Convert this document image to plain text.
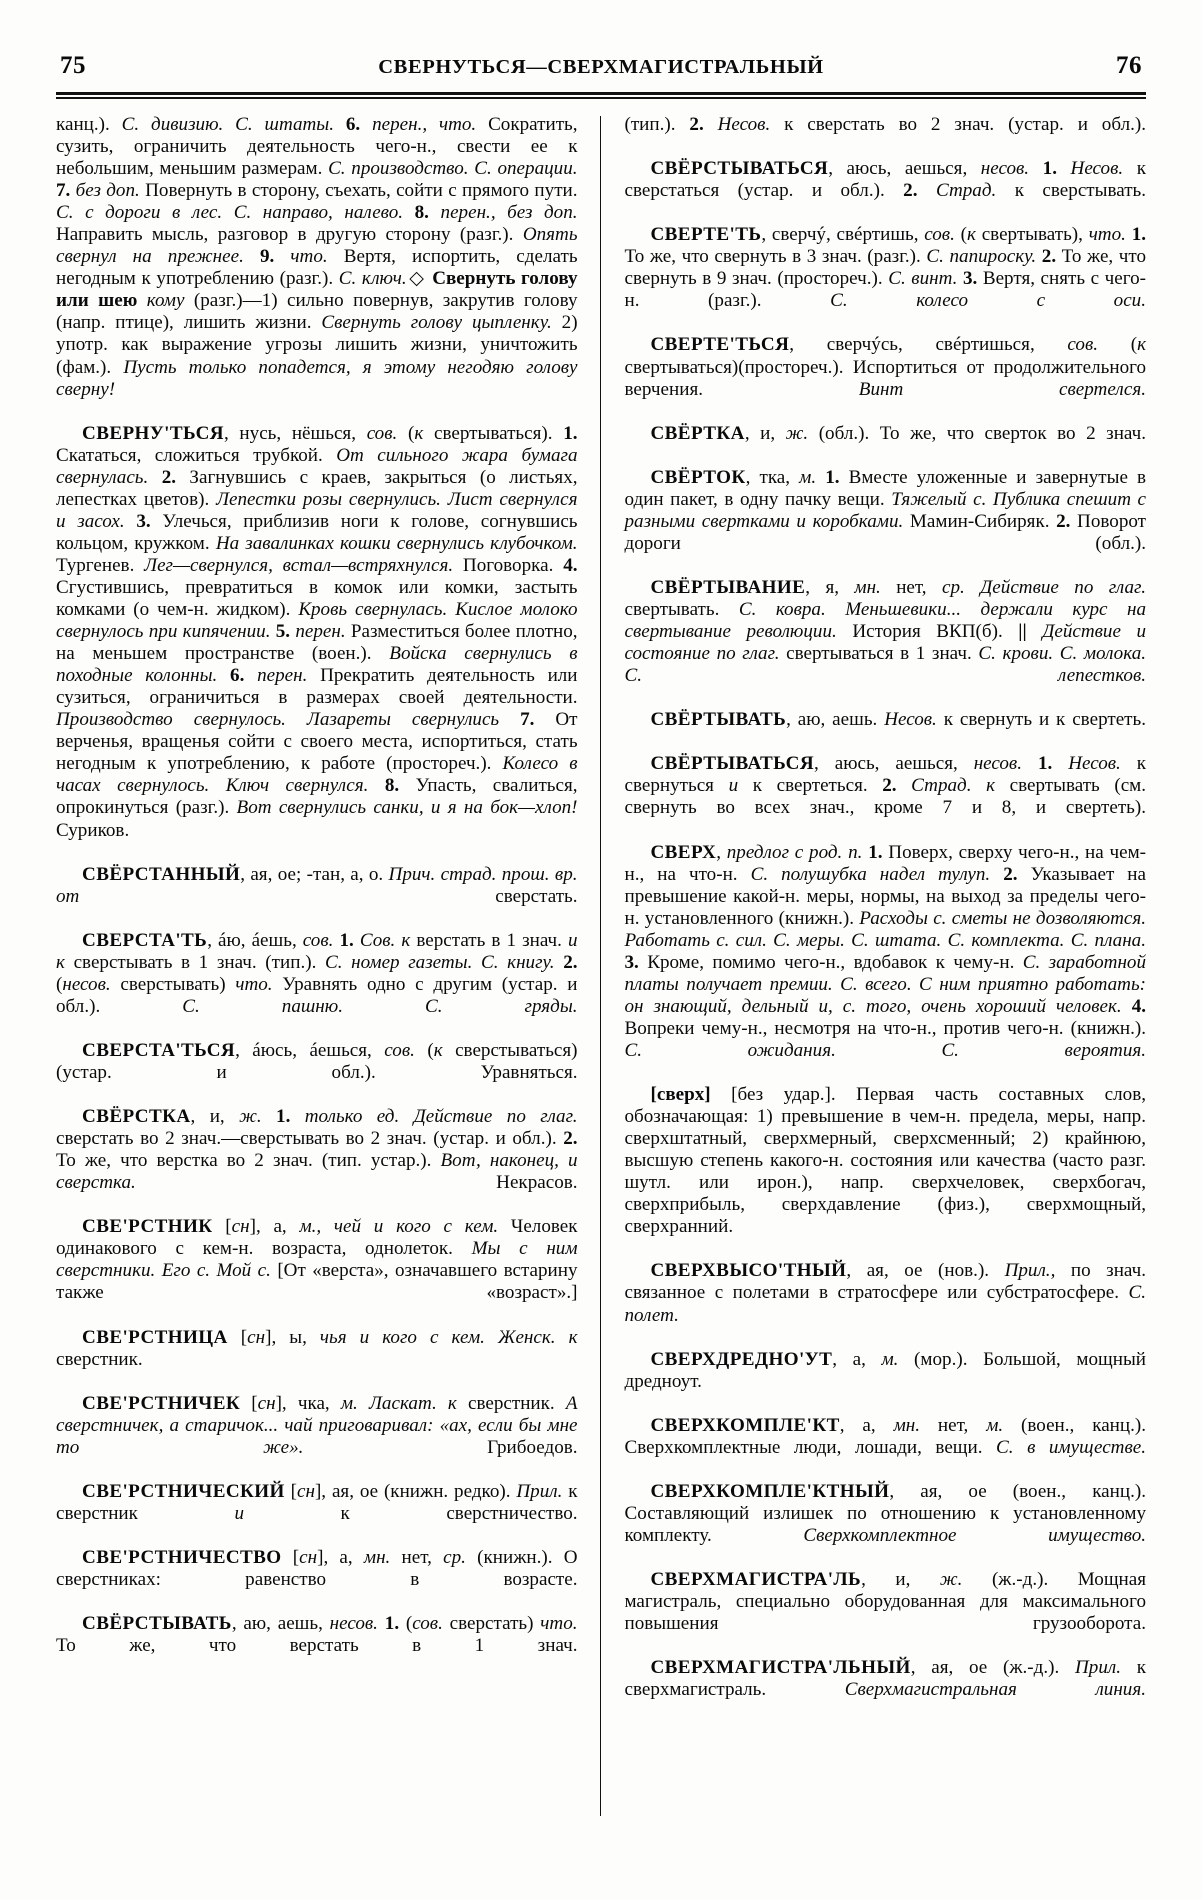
75	СВЕРНУТЬСЯ—СВЕРХМАГИСТРАЛЬНЫЙ	76

канц.). С. дивизию. С. штаты. 6. перен., что. Сократить, сузить, ограничить деятельность чего-н., свести ее к небольшим, меньшим размерам. С. производство. С. операции. 7. без доп. Повернуть в сторону, съехать, сойти с прямого пути. С. с дороги в лес. С. направо, налево. 8. перен., без доп. Направить мысль, разговор в другую сторону (разг.). Опять свернул на прежнее. 9. что. Вертя, испортить, сделать негодным к употреблению (разг.). С. ключ. ◇ Свернуть голову или шею кому (разг.)—1) сильно повернув, закрутив голову (напр. птице), лишить жизни. Свернуть голову цыпленку. 2) употр. как выражение угрозы лишить жизни, уничтожить (фам.). Пусть только попадется, я этому негодяю голову сверну!

СВЕРНУ'ТЬСЯ, нусь, нёшься, сов. (к свертываться). 1. Скататься, сложиться трубкой. От сильного жара бумага свернулась. 2. Загнувшись с краев, закрыться (о листьях, лепестках цветов). Лепестки розы свернулись. Лист свернулся и засох. 3. Улечься, приблизив ноги к голове, согнувшись кольцом, кружком. На завалинках кошки свернулись клубочком. Тургенев. Лег—свернулся, встал—встряхнулся. Поговорка. 4. Сгустившись, превратиться в комок или комки, застыть комками (о чем-н. жидком). Кровь свернулась. Кислое молоко свернулось при кипячении. 5. перен. Разместиться более плотно, на меньшем пространстве (воен.). Войска свернулись в походные колонны. 6. перен. Прекратить деятельность или сузиться, ограничиться в размерах своей деятельности. Производство свернулось. Лазареты свернулись 7. От верченья, вращенья сойти с своего места, испортиться, стать негодным к употреблению, к работе (простореч.). Колесо в часах свернулось. Ключ свернулся. 8. Упасть, свалиться, опрокинуться (разг.). Вот свернулись санки, и я на бок—хлоп! Суриков.

СВЁРСТАННЫЙ, ая, ое; -тан, а, о. Прич. страд. прош. вр. от сверстать.

СВЕРСТА'ТЬ, áю, áешь, сов. 1. Сов. к верстать в 1 знач. и к сверстывать в 1 знач. (тип.). С. номер газеты. С. книгу. 2. (несов. сверстывать) что. Уравнять одно с другим (устар. и обл.). С. пашню. С. гряды.

СВЕРСТА'ТЬСЯ, áюсь, áешься, сов. (к сверстываться) (устар. и обл.). Уравняться.

СВЁРСТКА, и, ж. 1. только ед. Действие по глаг. сверстать во 2 знач.—сверстывать во 2 знач. (устар. и обл.). 2. То же, что верстка во 2 знач. (тип. устар.). Вот, наконец, и сверстка. Некрасов.

СВЕ'РСТНИК [сн], а, м., чей и кого с кем. Человек одинакового с кем-н. возраста, однолеток. Мы с ним сверстники. Его с. Мой с. [От «верста», означавшего встарину также «возраст».]

СВЕ'РСТНИЦА [сн], ы, чья и кого с кем. Женск. к сверстник.

СВЕ'РСТНИЧЕК [сн], чка, м. Ласкат. к сверстник. А сверстничек, а старичок... чай приговаривал: «ах, если бы мне то же». Грибоедов.

СВЕ'РСТНИЧЕСКИЙ [сн], ая, ое (книжн. редко). Прил. к сверстник и к сверстничество.

СВЕ'РСТНИЧЕСТВО [сн], а, мн. нет, ср. (книжн.). О сверстниках: равенство в возрасте.

СВЁРСТЫВАТЬ, аю, аешь, несов. 1. (сов. сверстать) что. То же, что верстать в 1 знач.

(тип.). 2. Несов. к сверстать во 2 знач. (устар. и обл.).

СВЁРСТЫВАТЬСЯ, аюсь, аешься, несов. 1. Несов. к сверстаться (устар. и обл.). 2. Страд. к сверстывать.

СВЕРТЕ'ТЬ, сверчý, свéртишь, сов. (к свертывать), что. 1. То же, что свернуть в 3 знач. (разг.). С. папироску. 2. То же, что свернуть в 9 знач. (простореч.). С. винт. 3. Вертя, снять с чего-н. (разг.). С. колесо с оси.

СВЕРТЕ'ТЬСЯ, сверчýсь, свéртишься, сов. (к свертываться)(простореч.). Испортиться от продолжительного верчения. Винт свертелся.

СВЁРТКА, и, ж. (обл.). То же, что сверток во 2 знач.

СВЁРТОК, тка, м. 1. Вместе уложенные и завернутые в один пакет, в одну пачку вещи. Тяжелый с. Публика спешит с разными свертками и коробками. Мамин-Сибиряк. 2. Поворот дороги (обл.).

СВЁРТЫВАНИЕ, я, мн. нет, ср. Действие по глаг. свертывать. С. ковра. Меньшевики... держали курс на свертывание революции. История ВКП(б). || Действие и состояние по глаг. свертываться в 1 знач. С. крови. С. молока. С. лепестков.

СВЁРТЫВАТЬ, аю, аешь. Несов. к свернуть и к свертеть.

СВЁРТЫВАТЬСЯ, аюсь, аешься, несов. 1. Несов. к свернуться и к свертеться. 2. Страд. к свертывать (см. свернуть во всех знач., кроме 7 и 8, и свертеть).

СВЕРХ, предлог с род. п. 1. Поверх, сверху чего-н., на чем-н., на что-н. С. полушубка надел тулуп. 2. Указывает на превышение какой-н. меры, нормы, на выход за пределы чего-н. установленного (книжн.). Расходы с. сметы не дозволяются. Работать с. сил. С. меры. С. штата. С. комплекта. С. плана. 3. Кроме, помимо чего-н., вдобавок к чему-н. С. заработной платы получает премии. С. всего. С ним приятно работать: он знающий, дельный и, с. того, очень хороший человек. 4. Вопреки чему-н., несмотря на что-н., против чего-н. (книжн.). С. ожидания. С. вероятия.

[сверх] [без удар.]. Первая часть составных слов, обозначающая: 1) превышение в чем-н. предела, меры, напр. сверхштатный, сверхмерный, сверхсменный; 2) крайнюю, высшую степень какого-н. состояния или качества (часто разг. шутл. или ирон.), напр. сверхчеловек, сверхбогач, сверхприбыль, сверхдавление (физ.), сверхмощный, сверхранний.

СВЕРХВЫСО'ТНЫЙ, ая, ое (нов.). Прил., по знач. связанное с полетами в стратосфере или субстратосфере. С. полет.

СВЕРХДРЕДНО'УТ, а, м. (мор.). Большой, мощный дредноут.

СВЕРХКОМПЛЕ'КТ, а, мн. нет, м. (воен., канц.). Сверхкомплектные люди, лошади, вещи. С. в имуществе.

СВЕРХКОМПЛЕ'КТНЫЙ, ая, ое (воен., канц.). Составляющий излишек по отношению к установленному комплекту. Сверхкомплектное имущество.

СВЕРХМАГИСТРА'ЛЬ, и, ж. (ж.-д.). Мощная магистраль, специально оборудованная для максимального повышения грузооборота.

СВЕРХМАГИСТРА'ЛЬНЫЙ, ая, ое (ж.-д.). Прил. к сверхмагистраль. Сверхмагистральная линия.
